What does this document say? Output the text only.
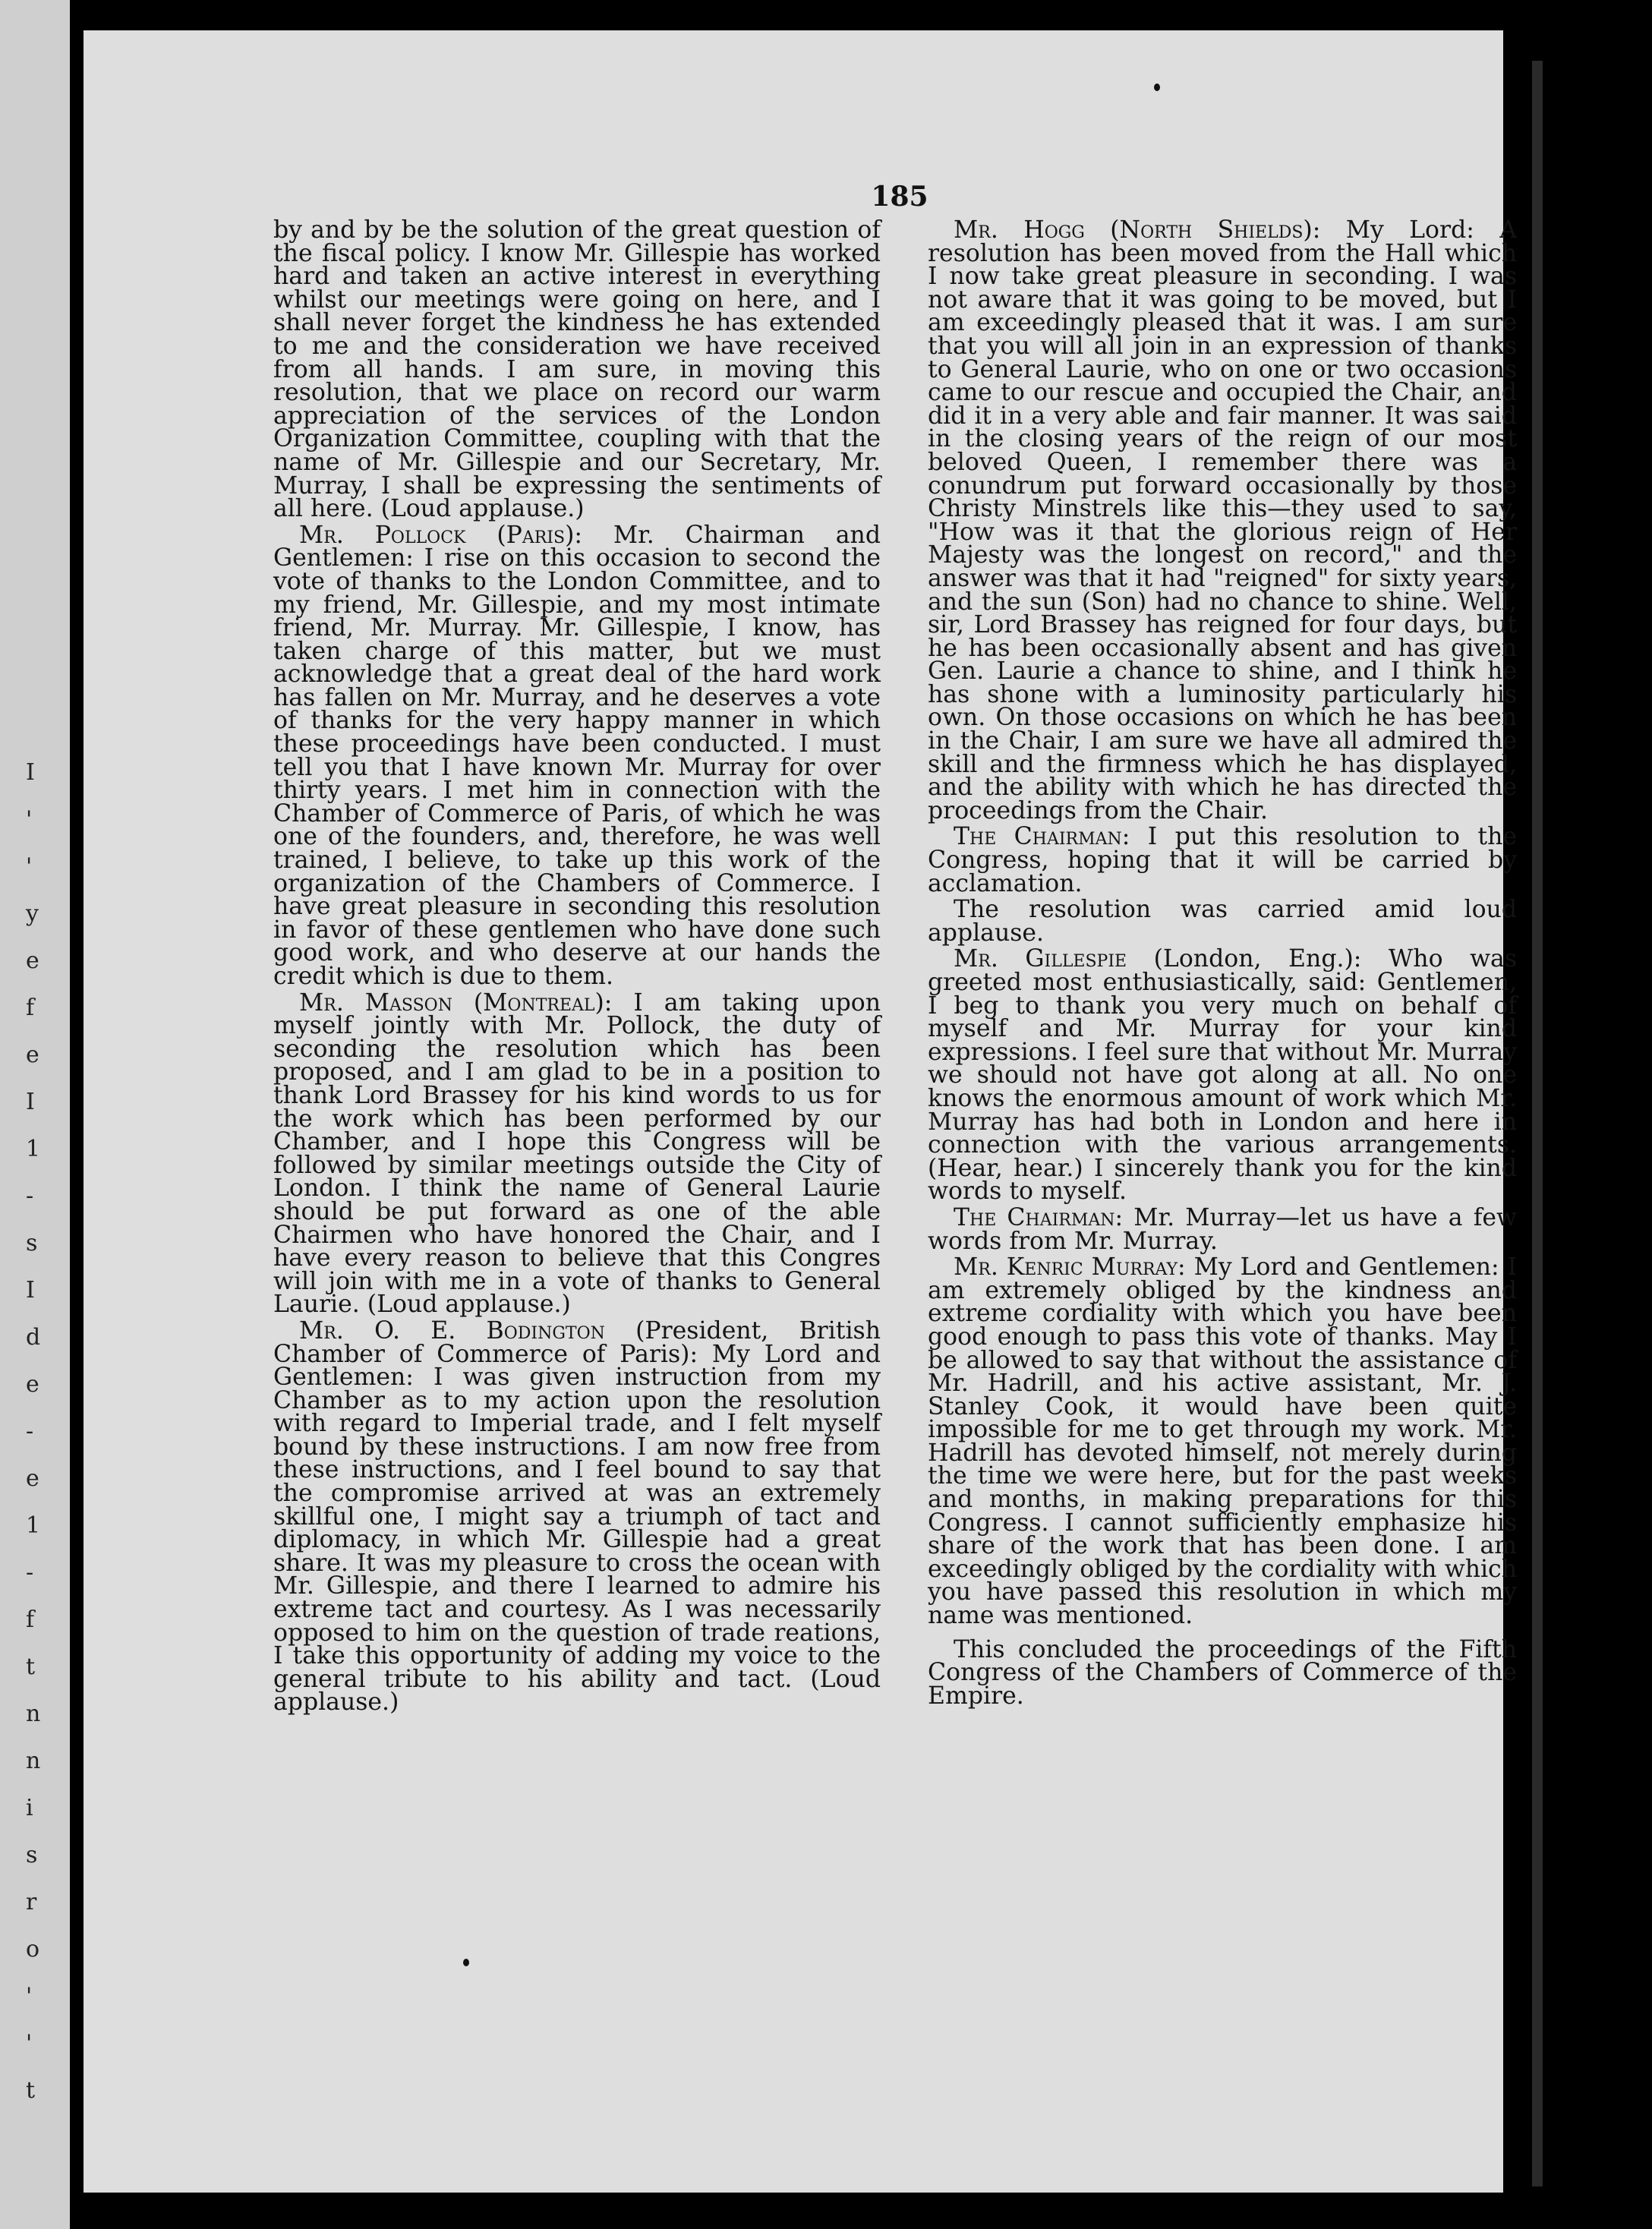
I
'
'
y
e
f
e
I
1
-
s
I
d
e
-
e
1
-
f
t
n
n
i
s
r
o
'
'
t
185

by and by be the solution of the great question of the fiscal policy. I know Mr. Gillespie has worked hard and taken an active interest in everything whilst our meetings were going on here, and I shall never forget the kindness he has extended to me and the consideration we have received from all hands. I am sure, in moving this resolution, that we place on record our warm appreciation of the services of the London Organization Committee, coupling with that the name of Mr. Gillespie and our Secretary, Mr. Murray, I shall be expressing the sentiments of all here. (Loud applause.)

Mr. Pollock (Paris): Mr. Chairman and Gentlemen: I rise on this occasion to second the vote of thanks to the London Committee, and to my friend, Mr. Gillespie, and my most intimate friend, Mr. Murray. Mr. Gillespie, I know, has taken charge of this matter, but we must acknowledge that a great deal of the hard work has fallen on Mr. Murray, and he deserves a vote of thanks for the very happy manner in which these proceedings have been conducted. I must tell you that I have known Mr. Murray for over thirty years. I met him in connection with the Chamber of Commerce of Paris, of which he was one of the founders, and, therefore, he was well trained, I believe, to take up this work of the organization of the Chambers of Commerce. I have great pleasure in seconding this resolution in favor of these gentlemen who have done such good work, and who deserve at our hands the credit which is due to them.

Mr. Masson (Montreal): I am taking upon myself jointly with Mr. Pollock, the duty of seconding the resolution which has been proposed, and I am glad to be in a position to thank Lord Brassey for his kind words to us for the work which has been performed by our Chamber, and I hope this Congress will be followed by similar meetings outside the City of London. I think the name of General Laurie should be put forward as one of the able Chairmen who have honored the Chair, and I have every reason to believe that this Congres will join with me in a vote of thanks to General Laurie. (Loud applause.)

Mr. O. E. Bodington (President, British Chamber of Commerce of Paris): My Lord and Gentlemen: I was given instruction from my Chamber as to my action upon the resolution with regard to Imperial trade, and I felt myself bound by these instructions. I am now free from these instructions, and I feel bound to say that the compromise arrived at was an extremely skillful one, I might say a triumph of tact and diplomacy, in which Mr. Gillespie had a great share. It was my pleasure to cross the ocean with Mr. Gillespie, and there I learned to admire his extreme tact and courtesy. As I was necessarily opposed to him on the question of trade reations, I take this opportunity of adding my voice to the general tribute to his ability and tact. (Loud applause.)

Mr. Hogg (North Shields): My Lord: A resolution has been moved from the Hall which I now take great pleasure in seconding. I was not aware that it was going to be moved, but I am exceedingly pleased that it was. I am sure that you will all join in an expression of thanks to General Laurie, who on one or two occasions came to our rescue and occupied the Chair, and did it in a very able and fair manner. It was said in the closing years of the reign of our most beloved Queen, I remember there was a conundrum put forward occasionally by those Christy Minstrels like this—they used to say, "How was it that the glorious reign of Her Majesty was the longest on record," and the answer was that it had "reigned" for sixty years, and the sun (Son) had no chance to shine. Well, sir, Lord Brassey has reigned for four days, but he has been occasionally absent and has given Gen. Laurie a chance to shine, and I think he has shone with a luminosity particularly his own. On those occasions on which he has been in the Chair, I am sure we have all admired the skill and the firmness which he has displayed, and the ability with which he has directed the proceedings from the Chair.

The Chairman: I put this resolution to the Congress, hoping that it will be carried by acclamation.

The resolution was carried amid loud applause.

Mr. Gillespie (London, Eng.): Who was greeted most enthusiastically, said: Gentlemen, I beg to thank you very much on behalf of myself and Mr. Murray for your kind expressions. I feel sure that without Mr. Murray we should not have got along at all. No one knows the enormous amount of work which Mr. Murray has had both in London and here in connection with the various arrangements. (Hear, hear.) I sincerely thank you for the kind words to myself.

The Chairman: Mr. Murray—let us have a few words from Mr. Murray.

Mr. Kenric Murray: My Lord and Gentlemen: I am extremely obliged by the kindness and extreme cordiality with which you have been good enough to pass this vote of thanks. May I be allowed to say that without the assistance of Mr. Hadrill, and his active assistant, Mr. J. Stanley Cook, it would have been quite impossible for me to get through my work. Mr. Hadrill has devoted himself, not merely during the time we were here, but for the past weeks and months, in making preparations for this Congress. I cannot sufficiently emphasize his share of the work that has been done. I am exceedingly obliged by the cordiality with which you have passed this resolution in which my name was mentioned.

This concluded the proceedings of the Fifth Congress of the Chambers of Commerce of the Empire.
